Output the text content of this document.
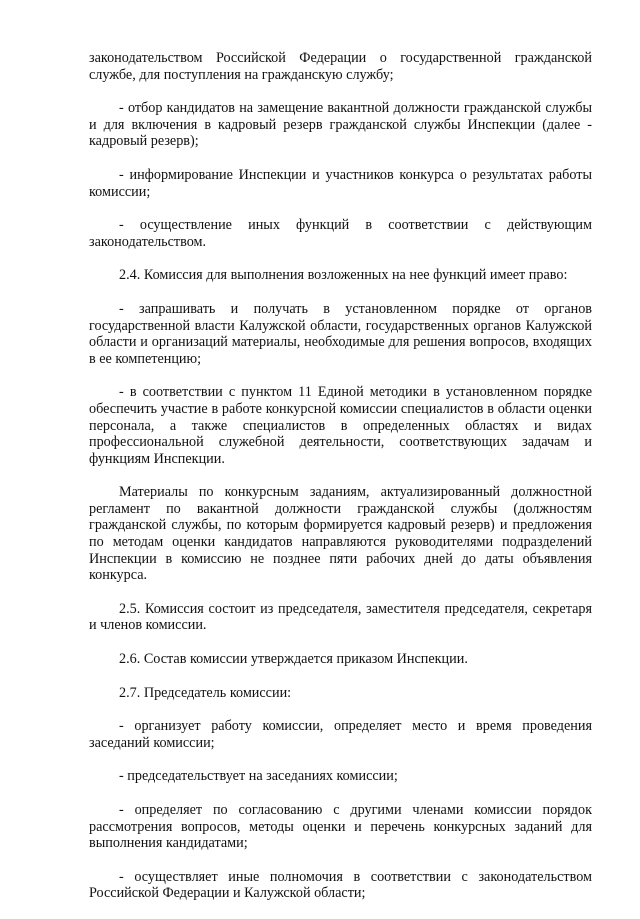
законодательством Российской Федерации о государственной гражданской службе, для поступления на гражданскую службу;

- отбор кандидатов на замещение вакантной должности гражданской службы и для включения в кадровый резерв гражданской службы Инспекции (далее - кадровый резерв);

- информирование Инспекции и участников конкурса о результатах работы комиссии;

- осуществление иных функций в соответствии с действующим законодательством.

2.4. Комиссия для выполнения возложенных на нее функций имеет право:

- запрашивать и получать в установленном порядке от органов государственной власти Калужской области, государственных органов Калужской области и организаций материалы, необходимые для решения вопросов, входящих в ее компетенцию;

- в соответствии с пунктом 11 Единой методики в установленном порядке обеспечить участие в работе конкурсной комиссии специалистов в области оценки персонала, а также специалистов в определенных областях и видах профессиональной служебной деятельности, соответствующих задачам и функциям Инспекции.

Материалы по конкурсным заданиям, актуализированный должностной регламент по вакантной должности гражданской службы (должностям гражданской службы, по которым формируется кадровый резерв) и предложения по методам оценки кандидатов направляются руководителями подразделений Инспекции в комиссию не позднее пяти рабочих дней до даты объявления конкурса.

2.5. Комиссия состоит из председателя, заместителя председателя, секретаря и членов комиссии.

2.6. Состав комиссии утверждается приказом Инспекции.

2.7. Председатель комиссии:

- организует работу комиссии, определяет место и время проведения заседаний комиссии;

- председательствует на заседаниях комиссии;

- определяет по согласованию с другими членами комиссии порядок рассмотрения вопросов, методы оценки и перечень конкурсных заданий для выполнения кандидатами;

- осуществляет иные полномочия в соответствии с законодательством Российской Федерации и Калужской области;
